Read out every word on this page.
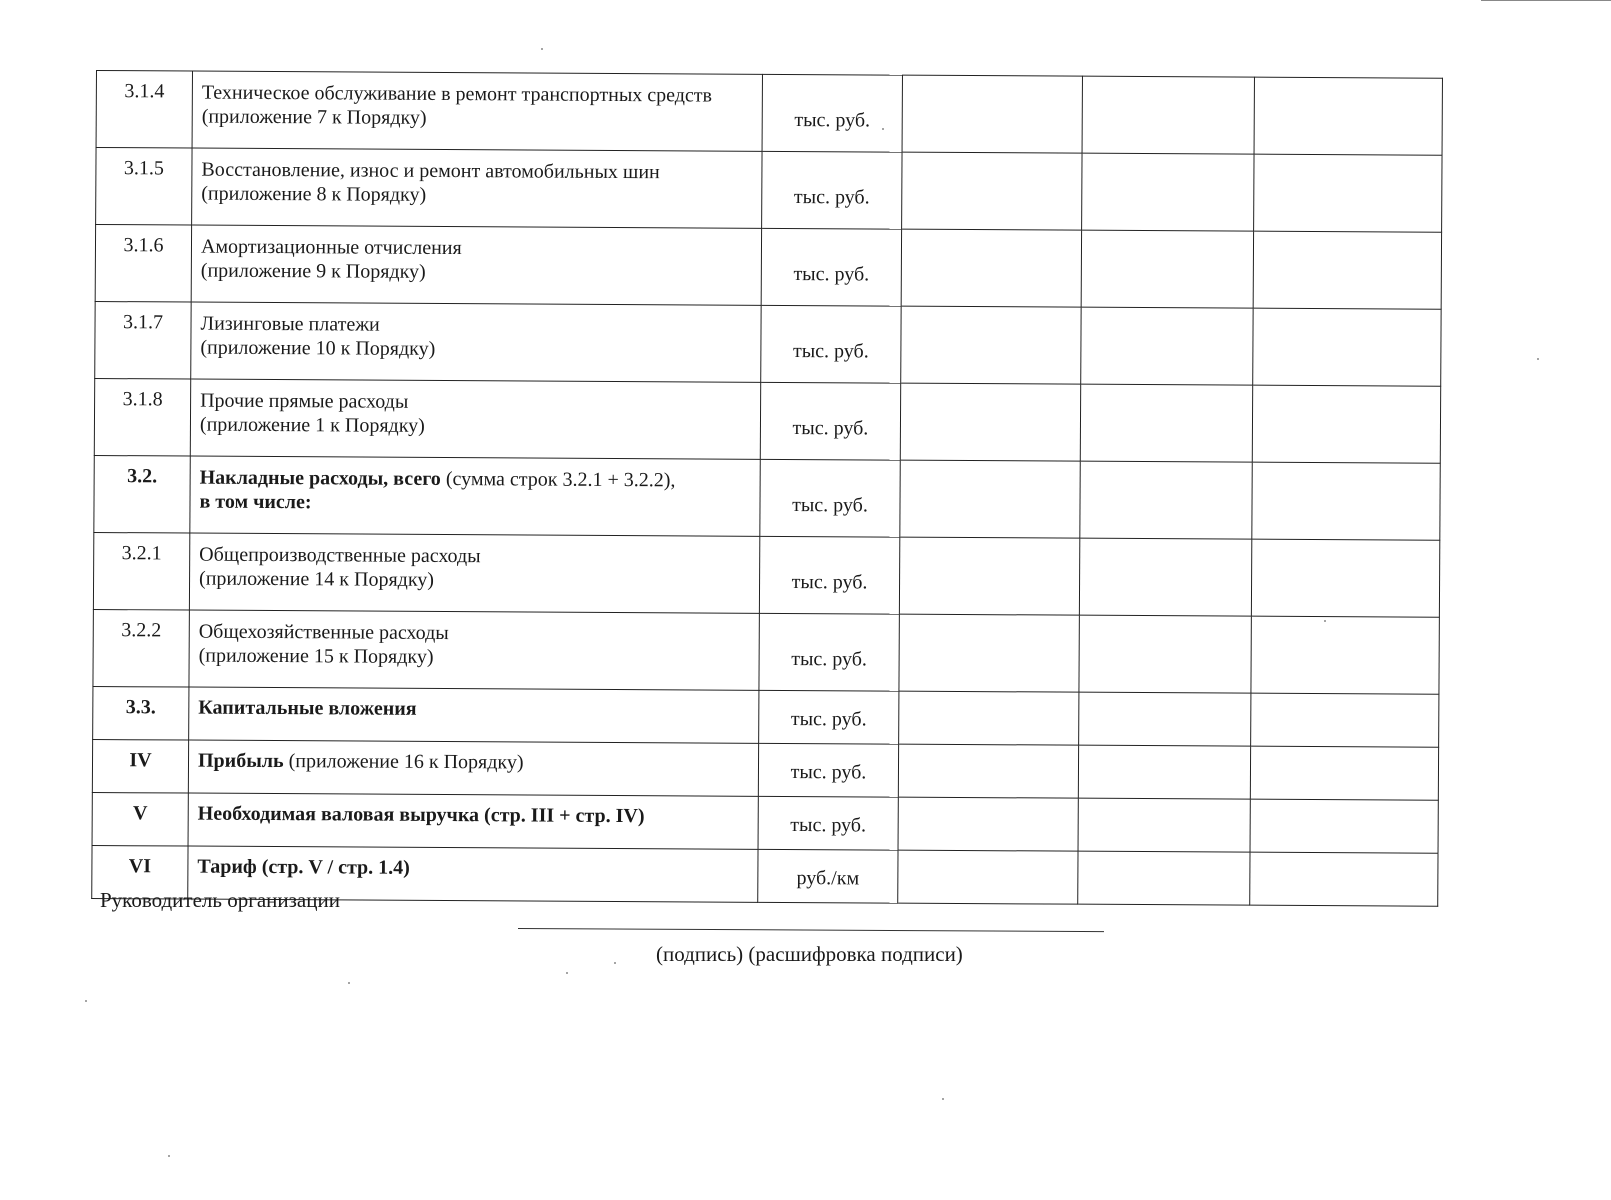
3.1.4	Техническое обслуживание в ремонт транспортных средств
(приложение 7 к Порядку)	тыс. руб.			
3.1.5	Восстановление, износ и ремонт автомобильных шин
(приложение 8 к Порядку)	тыс. руб.			
3.1.6	Амортизационные отчисления
(приложение 9 к Порядку)	тыс. руб.			
3.1.7	Лизинговые платежи
(приложение 10 к Порядку)	тыс. руб.			
3.1.8	Прочие прямые расходы
(приложение 1 к Порядку)	тыс. руб.			
3.2.	Накладные расходы, всего (сумма строк 3.2.1 + 3.2.2),
в том числе:	тыс. руб.			
3.2.1	Общепроизводственные расходы
(приложение 14 к Порядку)	тыс. руб.			
3.2.2	Общехозяйственные расходы
(приложение 15 к Порядку)	тыс. руб.			
3.3.	Капитальные вложения	тыс. руб.			
IV	Прибыль (приложение 16 к Порядку)	тыс. руб.			
V	Необходимая валовая выручка (стр. III + стр. IV)	тыс. руб.			
VI	Тариф (стр. V / стр. 1.4)	руб./км			
Руководитель организации
(подпись) (расшифровка подписи)
